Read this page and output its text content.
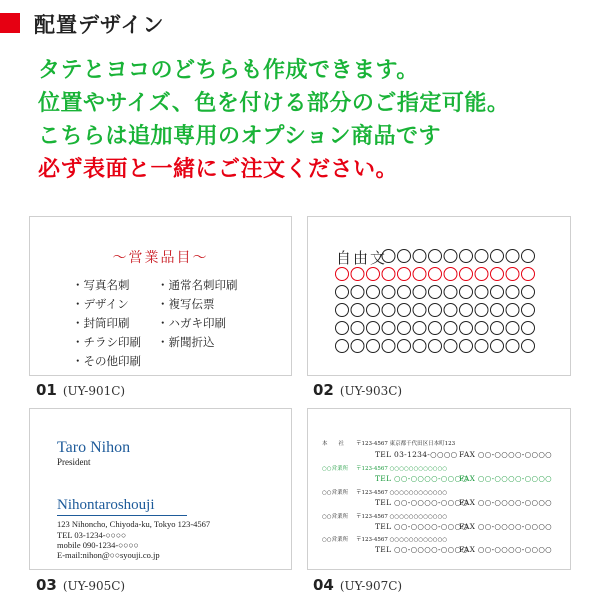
配置デザイン
タテとヨコのどちらも作成できます。
位置やサイズ、色を付ける部分のご指定可能。
こちらは追加専用のオプション商品です
必ず表面と一緒にご注文ください。
～営業品目～
・写真名刺
・デザイン
・封筒印刷
・チラシ印刷
・その他印刷
・通常名刺印刷
・複写伝票
・ハガキ印刷
・新聞折込
01 (UY-901C)
自由文
02 (UY-903C)
Taro Nihon
President
Nihontaroshouji
123 Nihoncho, Chiyoda-ku, Tokyo 123-4567
TEL 03-1234-○○○○
mobile 090-1234-○○○○
E-mail:nihon@○○syouji.co.jp
03 (UY-905C)
本　　社 〒123-4567 東京都千代田区日本町123
TEL 03-1234-○○○○ FAX ○○-○○○○-○○○○
○○営業所 〒123-4567 ○○○○○○○○○○○○
TEL ○○-○○○○-○○○○
FAX ○○-○○○○-○○○○
○○営業所 〒123-4567 ○○○○○○○○○○○○
TEL ○○-○○○○-○○○○
FAX ○○-○○○○-○○○○
○○営業所 〒123-4567 ○○○○○○○○○○○○
TEL ○○-○○○○-○○○○
FAX ○○-○○○○-○○○○
○○営業所 〒123-4567 ○○○○○○○○○○○○
TEL ○○-○○○○-○○○○
FAX ○○-○○○○-○○○○
04 (UY-907C)
